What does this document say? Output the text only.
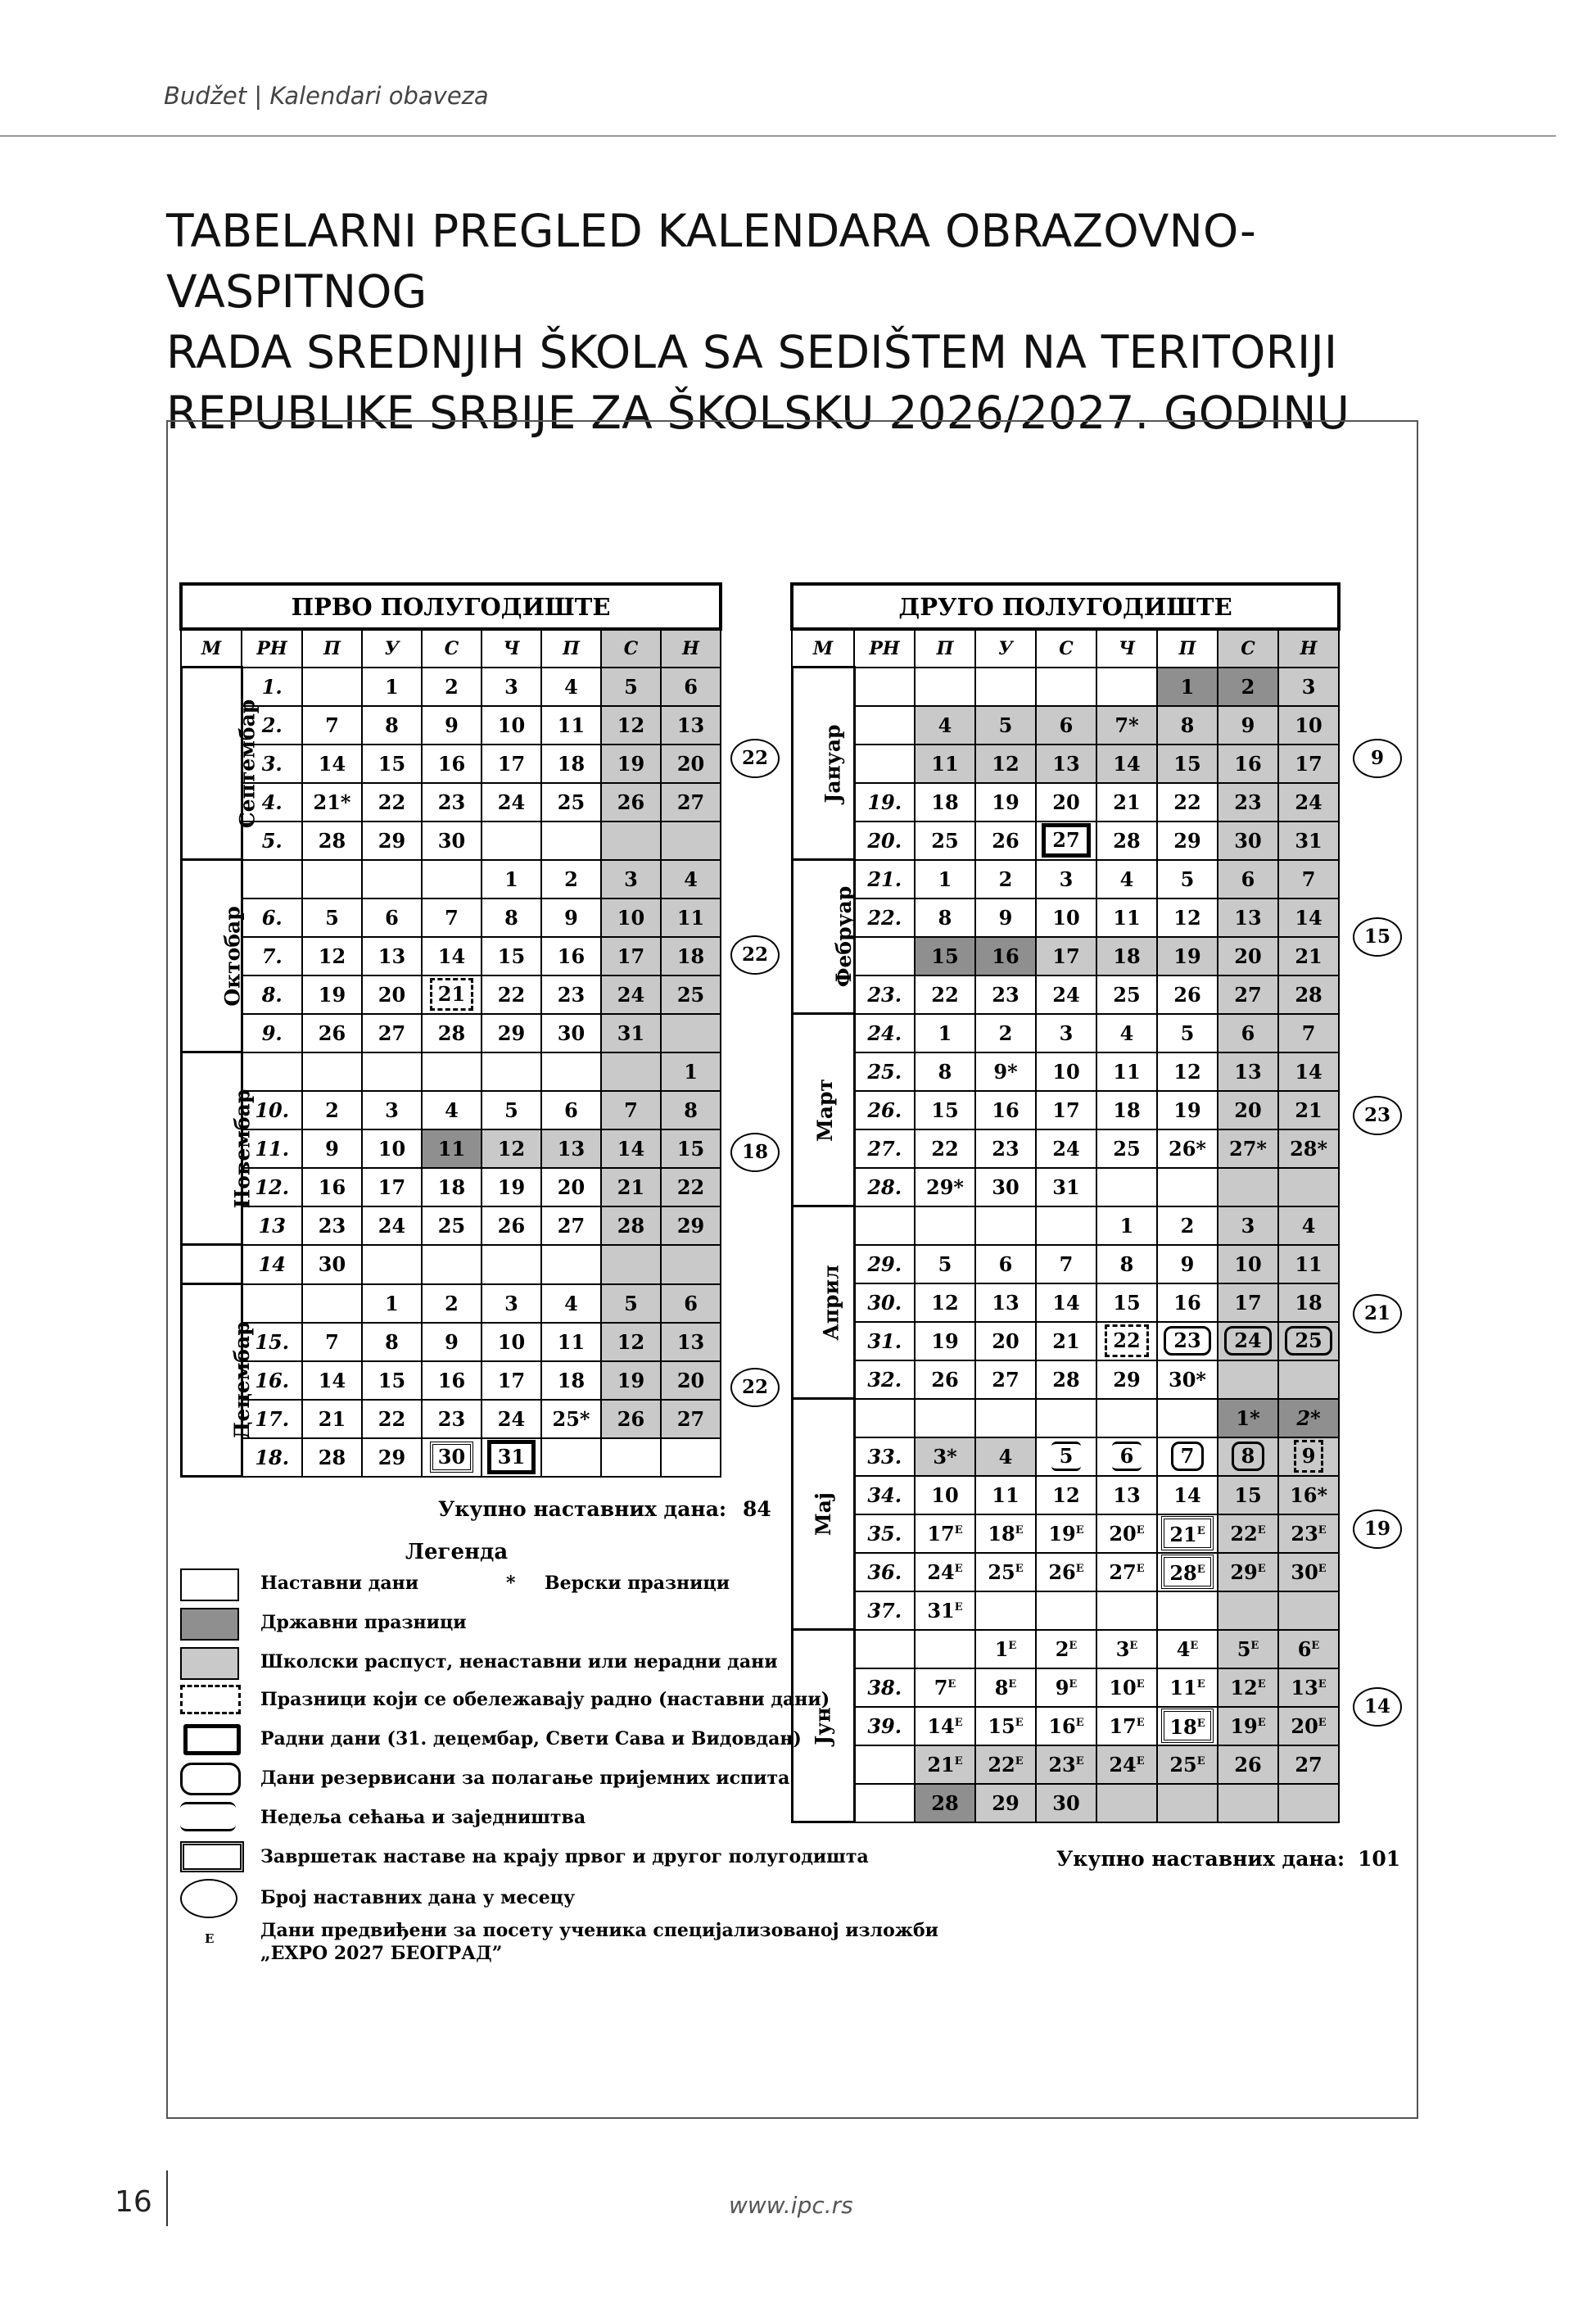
Budžet | Kalendari obaveza
TABELARNI PREGLED KALENDARA OBRAZOVNO-VASPITNOG
RADA SREDNJIH ŠKOLA SA SEDIŠTEM NA TERITORIJI
REPUBLIKE SRBIJE ZA ŠKOLSKU 2026/2027. GODINU
ПРВО ПОЛУГОДИШТЕ								
М	РН	П	У	С	Ч	П	С	Н
Септембар	1.		1	2	3	4	5	6
	2.	7	8	9	10	11	12	13
	3.	14	15	16	17	18	19	20
	4.	21*	22	23	24	25	26	27
	5.	28	29	30				
Октобар					1	2	3	4
	6.	5	6	7	8	9	10	11
	7.	12	13	14	15	16	17	18
	8.	19	20	21	22	23	24	25
	9.	26	27	28	29	30	31	
Новембар								1
	10.	2	3	4	5	6	7	8
	11.	9	10	11	12	13	14	15
	12.	16	17	18	19	20	21	22
	13	23	24	25	26	27	28	29
	14	30						
Децембар			1	2	3	4	5	6
	15.	7	8	9	10	11	12	13
	16.	14	15	16	17	18	19	20
	17.	21	22	23	24	25*	26	27
	18.	28	29	30	31			
22
22
18
22
Укупно наставних дана: 84
ДРУГО ПОЛУГОДИШТЕ								
М	РН	П	У	С	Ч	П	С	Н
Јануар						1	2	3
		4	5	6	7*	8	9	10
		11	12	13	14	15	16	17
	19.	18	19	20	21	22	23	24
	20.	25	26	27	28	29	30	31
Фебруар	21.	1	2	3	4	5	6	7
	22.	8	9	10	11	12	13	14
		15	16	17	18	19	20	21
	23.	22	23	24	25	26	27	28
Март	24.	1	2	3	4	5	6	7
	25.	8	9*	10	11	12	13	14
	26.	15	16	17	18	19	20	21
	27.	22	23	24	25	26*	27*	28*
	28.	29*	30	31				
Април					1	2	3	4
	29.	5	6	7	8	9	10	11
	30.	12	13	14	15	16	17	18
	31.	19	20	21	22	23	24	25
	32.	26	27	28	29	30*		
Мај							1*	2*
	33.	3*	4	5	6	7	8	9
	34.	10	11	12	13	14	15	16*
	35.	$17^Е$	$18^Е$	$19^Е$	$20^Е$	$21^Е$	$22^Е$	$23^Е$
	36.	$24^Е$	$25^Е$	$26^Е$	$27^Е$	$28^Е$	$29^Е$	$30^Е$
	37.	$31^Е$						
Јун			$1^Е$	$2^Е$	$3^Е$	$4^Е$	$5^Е$	$6^Е$
	38.	$7^Е$	$8^Е$	$9^Е$	$10^Е$	$11^Е$	$12^Е$	$13^Е$
	39.	$14^Е$	$15^Е$	$16^Е$	$17^Е$	$18^Е$	$19^Е$	$20^Е$
		$21^Е$	$22^Е$	$23^Е$	$24^Е$	$25^Е$	26	27
		28	29	30				
9
15
23
21
19
14
Укупно наставних дана: 101
Легенда
Наставни дани	* Верски празници
Државни празници
Школски распуст, ненаставни или нерадни дани
Празници који се обележавају радно (наставни дани)
Радни дани (31. децембар, Свети Сава и Видовдан)
Дани резервисани за полагање пријемних испита
Недеља сећања и заједништва
Завршетак наставе на крају првог и другог полугодишта
Број наставних дана у месецу
Е	Дани предвиђени за посету ученика специјализованој изложби
„EXPO 2027 БЕОГРАД”
16	www.ipc.rs
